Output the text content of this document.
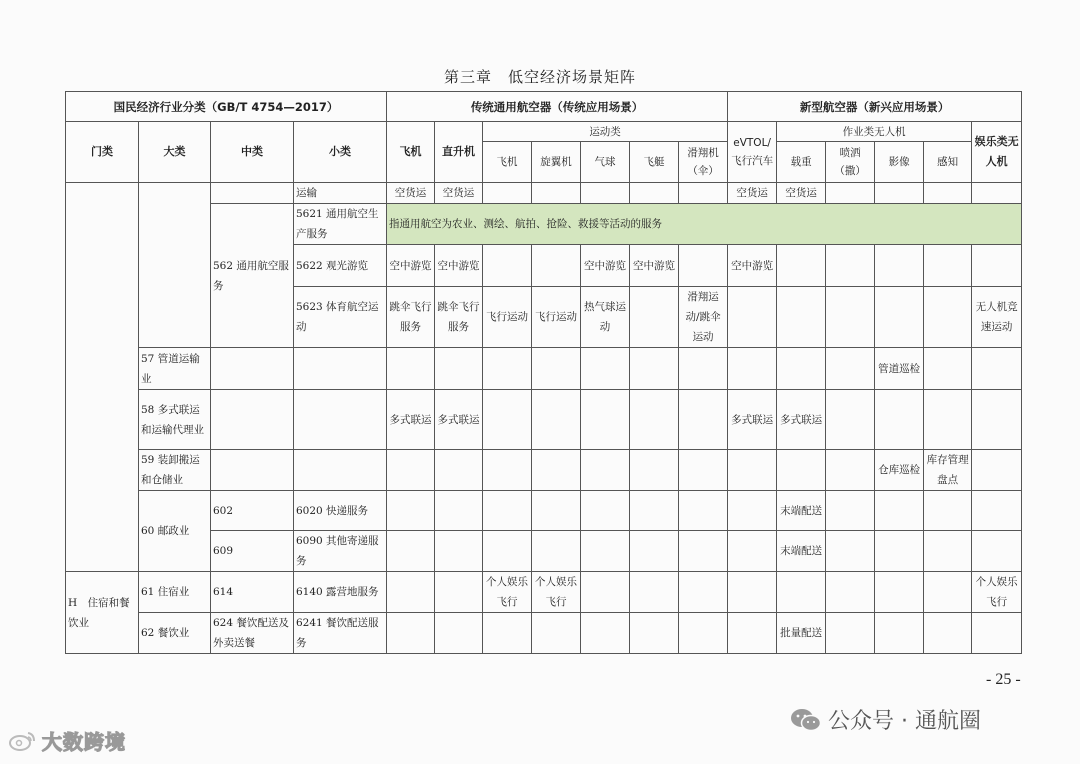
第三章　低空经济场景矩阵
国民经济行业分类（GB/T 4754—2017）				传统通用航空器（传统应用场景）							新型航空器（新兴应用场景）					
门类	大类	中类	小类	飞机	直升机	运动类					eVTOL/飞行汽车	作业类无人机				娱乐类无人机
						飞机	旋翼机	气球	飞艇	滑翔机（伞）		载重	喷洒（撒）	影像	感知	
			运输	空货运	空货运						空货运	空货运				
		562 通用航空服务	5621 通用航空生产服务	指通用航空为农业、测绘、航拍、抢险、救援等活动的服务												
			5622 观光游览	空中游览	空中游览			空中游览	空中游览		空中游览					
			5623 体育航空运动	跳伞飞行服务	跳伞飞行服务	飞行运动	飞行运动	热气球运动		滑翔运动/跳伞运动						无人机竞速运动
	57 管道运输业													管道巡检		
	58 多式联运和运输代理业			多式联运	多式联运						多式联运	多式联运				
	59 装卸搬运和仓储业													仓库巡检	库存管理盘点	
	60 邮政业	602	6020 快递服务									末端配送				
		609	6090 其他寄递服务									末端配送				
H　住宿和餐饮业	61 住宿业	614	6140 露营地服务			个人娱乐飞行	个人娱乐飞行									个人娱乐飞行
	62 餐饮业	624 餐饮配送及外卖送餐	6241 餐饮配送服务									批量配送				
- 25 -
公众号 · 通航圈
大数跨境
